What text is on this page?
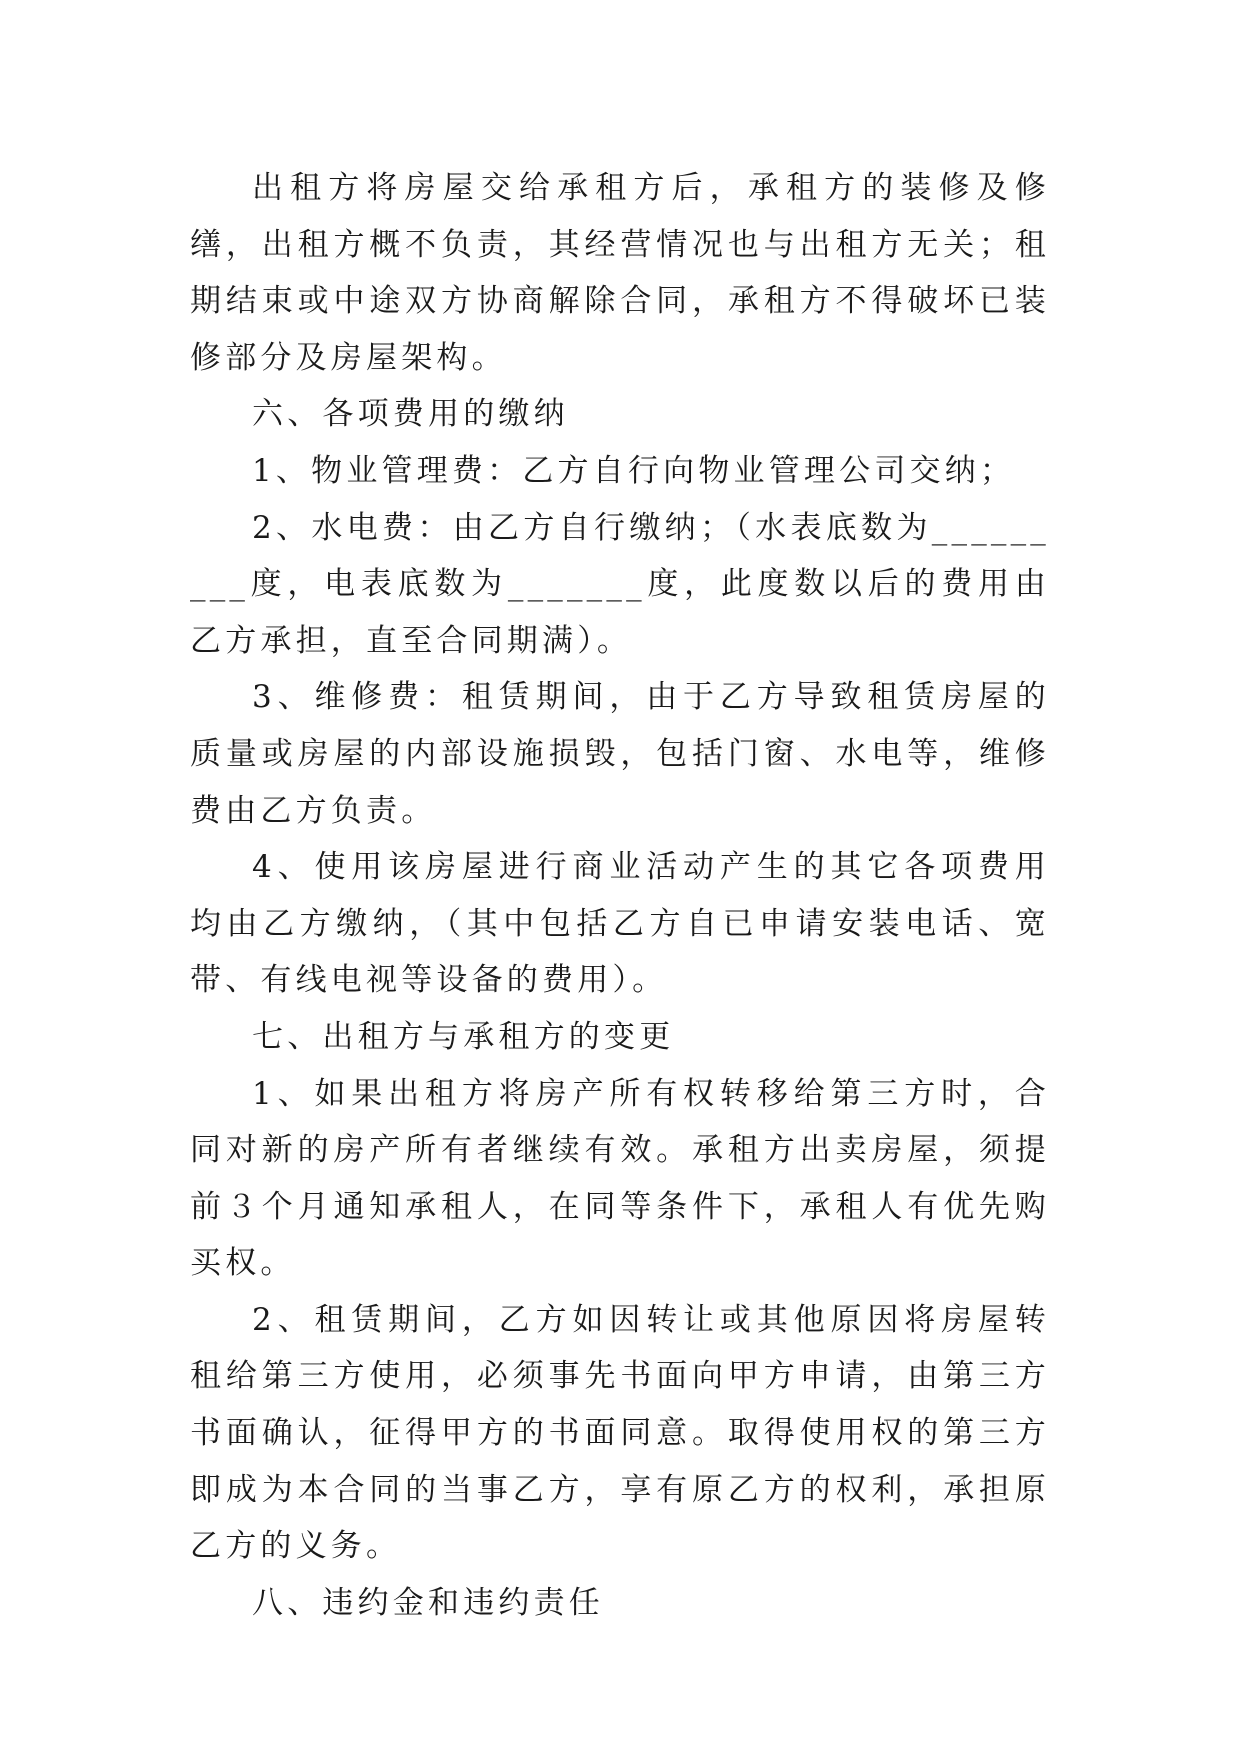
出租方将房屋交给承租方后，承租方的装修及修缮，出租方概不负责，其经营情况也与出租方无关；租期结束或中途双方协商解除合同，承租方不得破坏已装修部分及房屋架构。

六、各项费用的缴纳

1、物业管理费：乙方自行向物业管理公司交纳；

2、水电费：由乙方自行缴纳；（水表底数为_________度，电表底数为_______度，此度数以后的费用由乙方承担，直至合同期满）。

3、维修费：租赁期间，由于乙方导致租赁房屋的质量或房屋的内部设施损毁，包括门窗、水电等，维修费由乙方负责。

4、使用该房屋进行商业活动产生的其它各项费用均由乙方缴纳，（其中包括乙方自已申请安装电话、宽带、有线电视等设备的费用）。

七、出租方与承租方的变更

1、如果出租方将房产所有权转移给第三方时，合同对新的房产所有者继续有效。承租方出卖房屋，须提前３个月通知承租人，在同等条件下，承租人有优先购买权。

2、租赁期间，乙方如因转让或其他原因将房屋转租给第三方使用，必须事先书面向甲方申请，由第三方书面确认，征得甲方的书面同意。取得使用权的第三方即成为本合同的当事乙方，享有原乙方的权利，承担原乙方的义务。

八、违约金和违约责任
